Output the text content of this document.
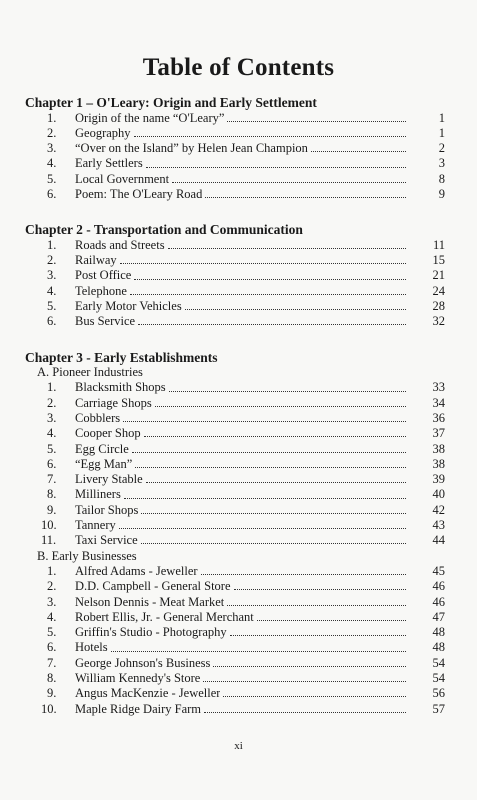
Table of Contents
Chapter 1 – O'Leary: Origin and Early Settlement
1.	Origin of the name “O'Leary”	1
2.	Geography	1
3.	“Over on the Island” by Helen Jean Champion	2
4.	Early Settlers	3
5.	Local Government	8
6.	Poem: The O'Leary Road	9
Chapter 2 - Transportation and Communication
1.	Roads and Streets	11
2.	Railway	15
3.	Post Office	21
4.	Telephone	24
5.	Early Motor Vehicles	28
6.	Bus Service	32
Chapter 3 - Early Establishments
A. Pioneer Industries
1.	Blacksmith Shops	33
2.	Carriage Shops	34
3.	Cobblers	36
4.	Cooper Shop	37
5.	Egg Circle	38
6.	“Egg Man”	38
7.	Livery Stable	39
8.	Milliners	40
9.	Tailor Shops	42
10.	Tannery	43
11.	Taxi Service	44
B. Early Businesses
1.	Alfred Adams - Jeweller	45
2.	D.D. Campbell - General Store	46
3.	Nelson Dennis - Meat Market	46
4.	Robert Ellis, Jr. - General Merchant	47
5.	Griffin's Studio - Photography	48
6.	Hotels	48
7.	George Johnson's Business	54
8.	William Kennedy's Store	54
9.	Angus MacKenzie - Jeweller	56
10.	Maple Ridge Dairy Farm	57
xi
